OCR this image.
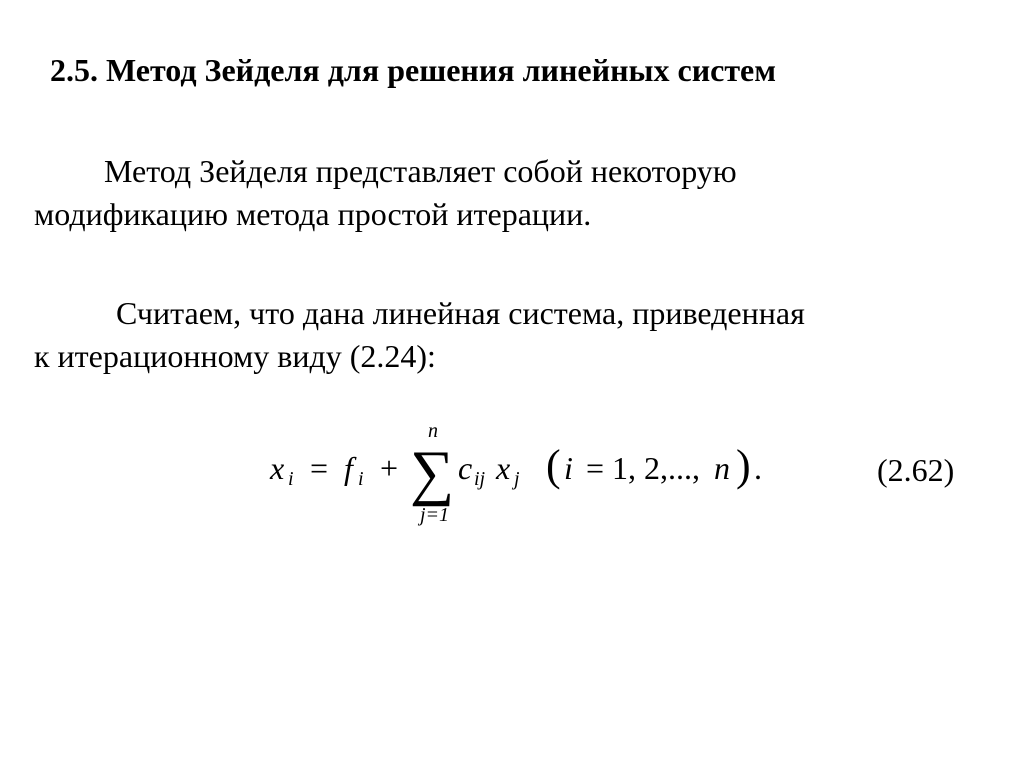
2.5. Метод Зейделя для решения линейных систем
Метод Зейделя представляет собой некоторую
модификацию метода простой итерации.
Считаем, что дана линейная система, приведенная
к итерационному виду (2.24):
x i = f i + ∑
n
j=1
c ij x j ( i = 1, 2,..., n ) .	(2.62)
